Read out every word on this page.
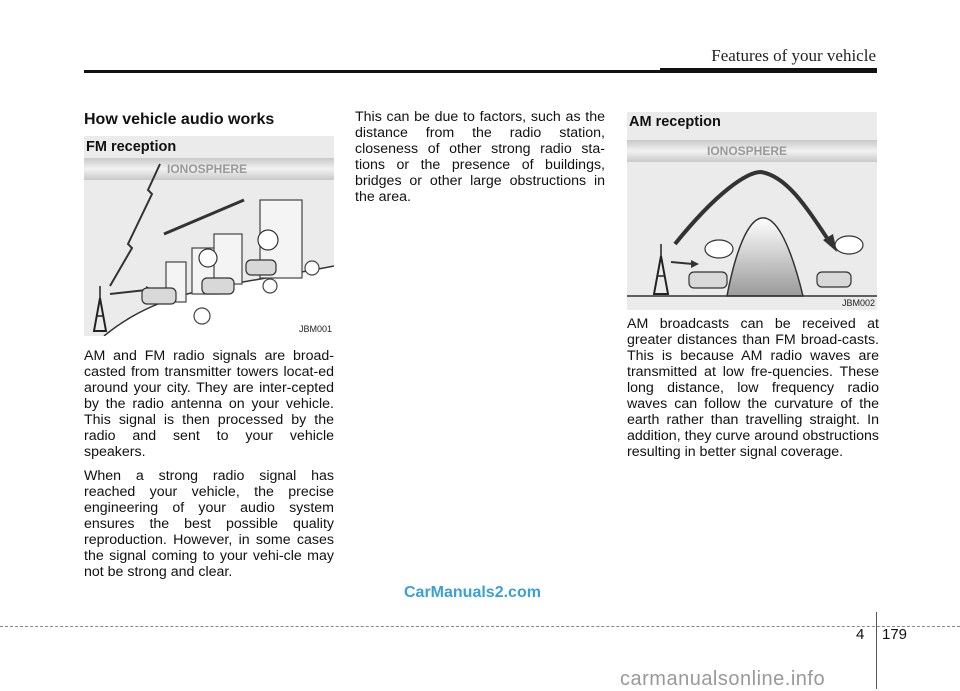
Features of your vehicle
How vehicle audio works
IONOSPHERE
FM reception
JBM001
IONOSPHERE
AM reception
JBM002

AM and FM radio signals are broad-casted from transmitter towers locat-ed around your city. They are inter-cepted by the radio antenna on your vehicle. This signal is then processed by the radio and sent to your vehicle speakers.

When a strong radio signal has reached your vehicle, the precise engineering of your audio system ensures the best possible quality reproduction. However, in some cases the signal coming to your vehi-cle may not be strong and clear.

This can be due to factors, such as the distance from the radio station, closeness of other strong radio sta-tions or the presence of buildings, bridges or other large obstructions in the area.

AM broadcasts can be received at greater distances than FM broad-casts. This is because AM radio waves are transmitted at low fre-quencies. These long distance, low frequency radio waves can follow the curvature of the earth rather than travelling straight. In addition, they curve around obstructions resulting in better signal coverage.

CarManuals2.com
4 179
carmanualsonline.info
